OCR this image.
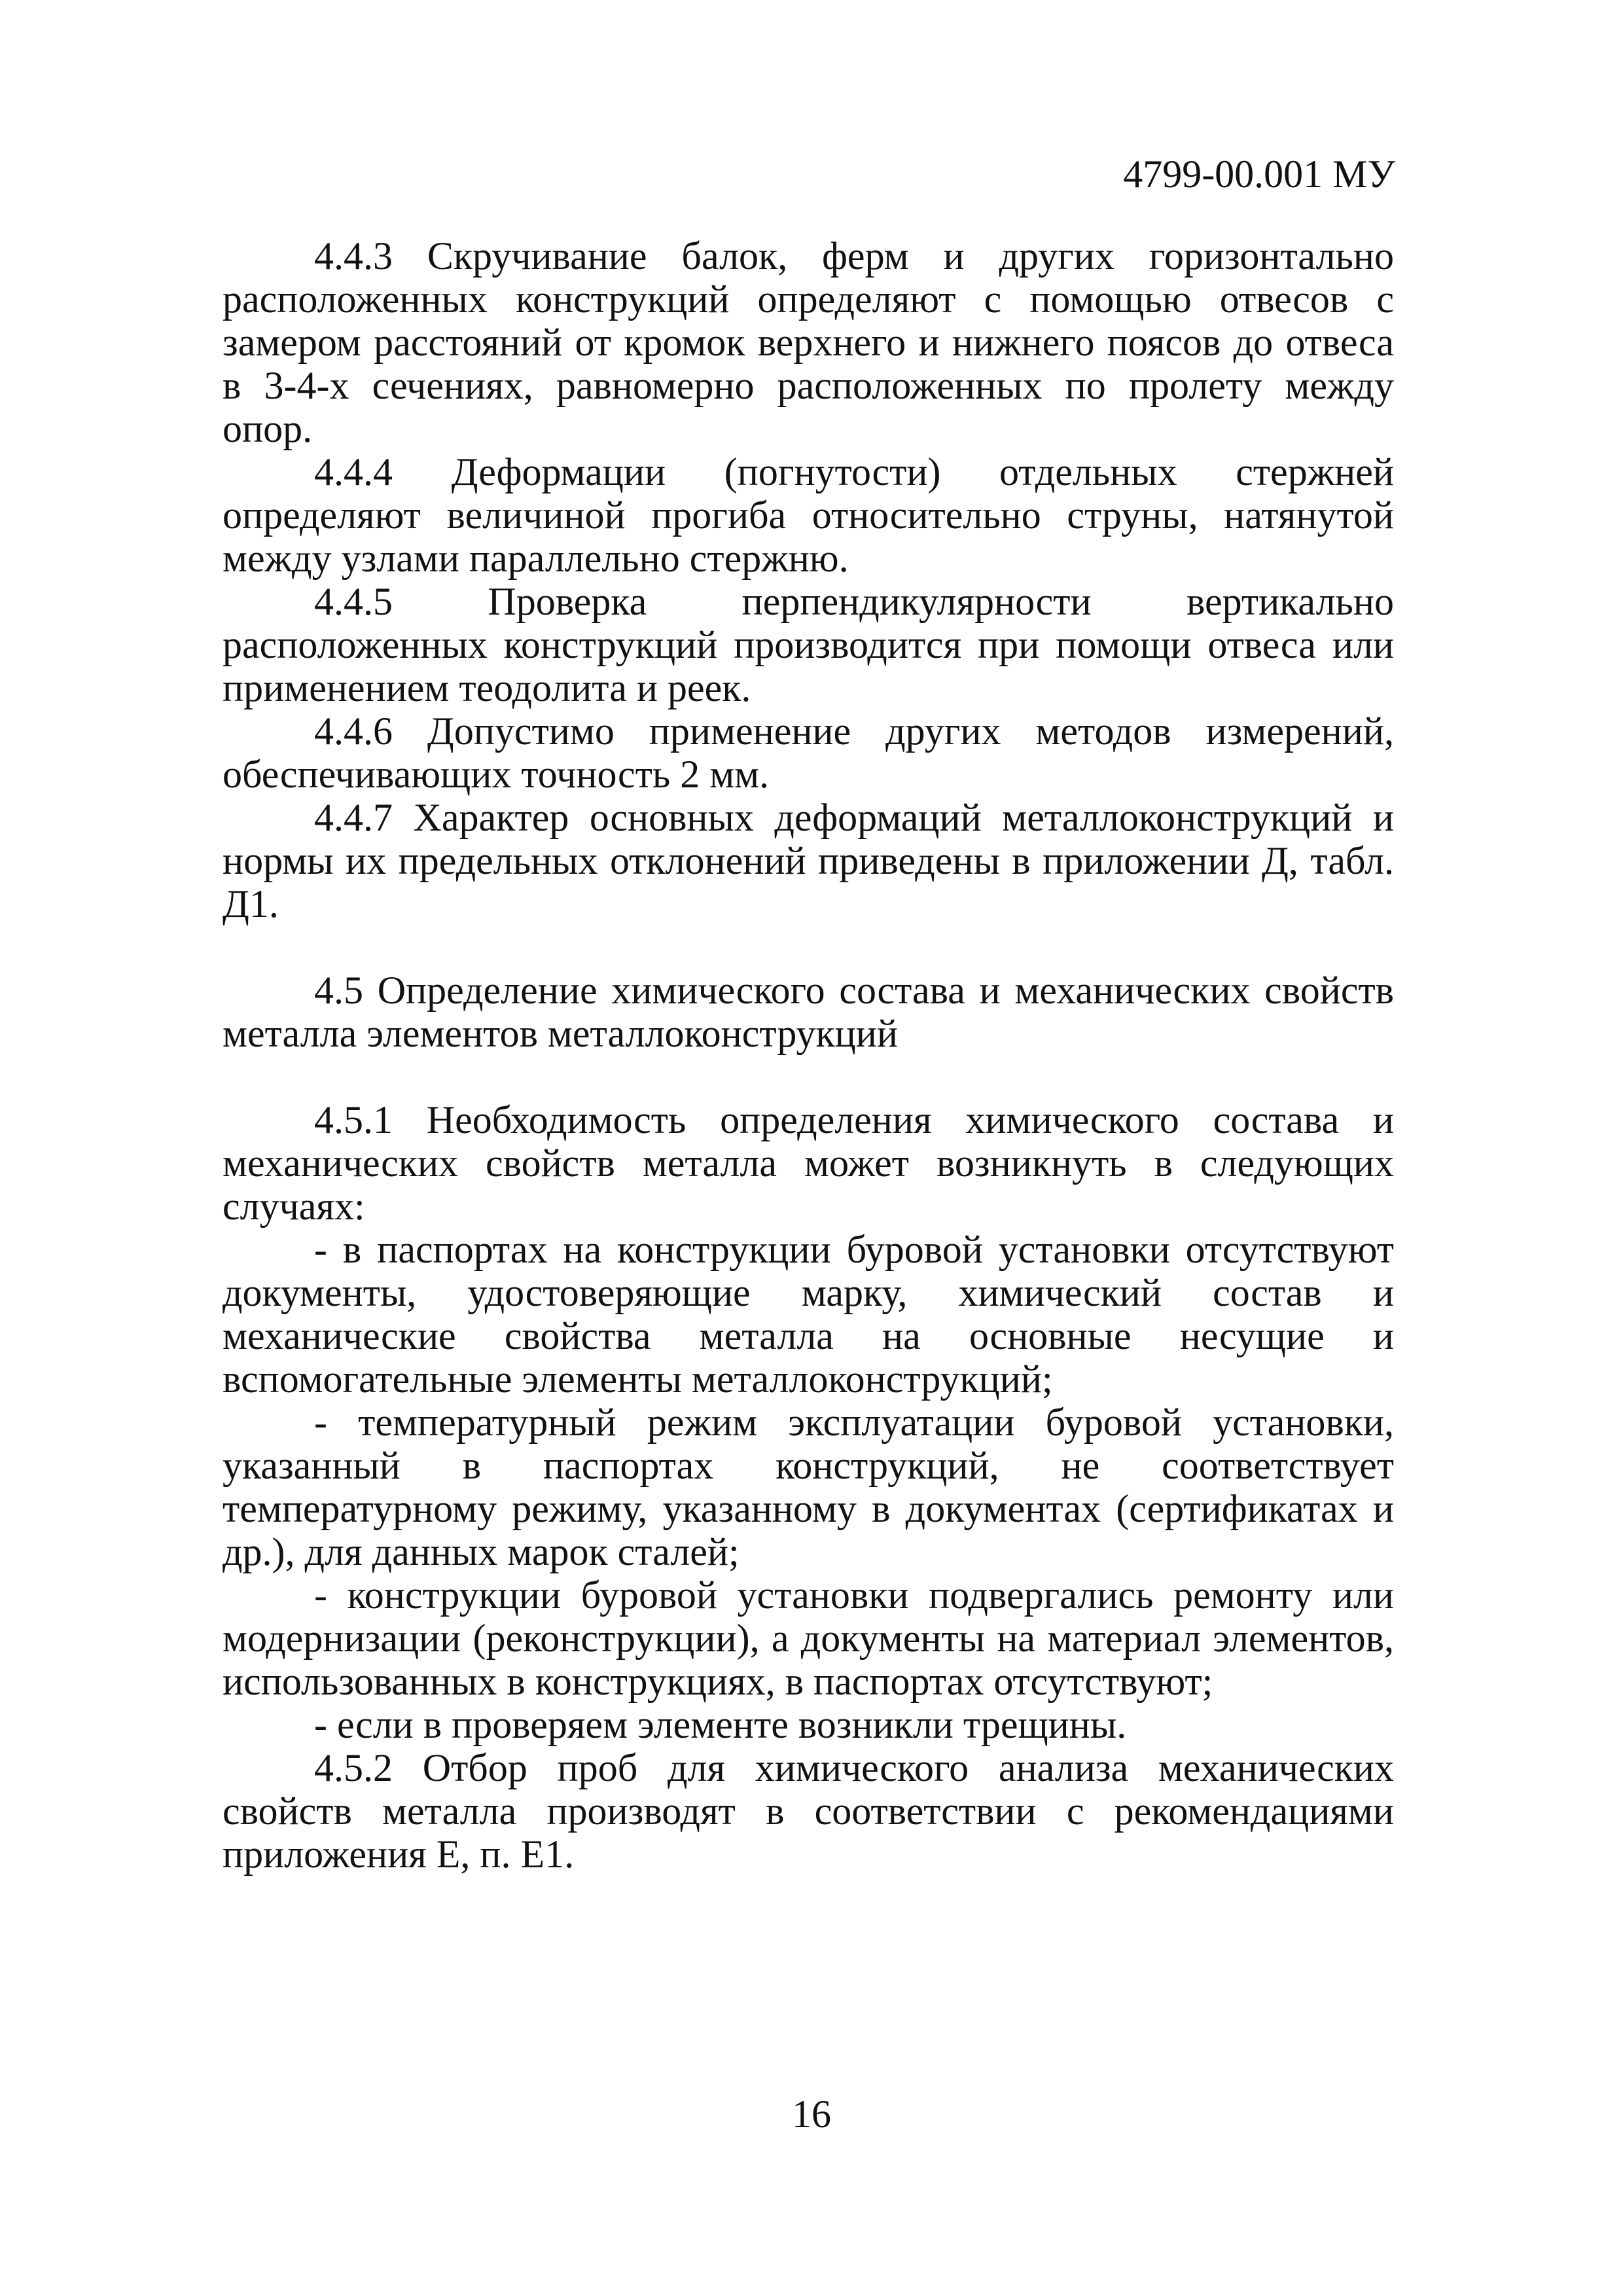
4799-00.001 МУ

4.4.3 Скручивание балок, ферм и других горизонтально расположенных конструкций определяют с помощью отвесов с замером расстояний от кромок верхнего и нижнего поясов до отвеса в 3-4-х сечениях, равномерно расположенных по пролету между опор.

4.4.4 Деформации (погнутости) отдельных стержней определяют величиной прогиба относительно струны, натянутой между узлами параллельно стержню.

4.4.5 Проверка перпендикулярности вертикально расположенных конструкций производится при помощи отвеса или применением теодолита и реек.

4.4.6 Допустимо применение других методов измерений, обеспечивающих точность 2 мм.

4.4.7 Характер основных деформаций металлоконструкций и нормы их предельных отклонений приведены в приложении Д, табл. Д1.

4.5 Определение химического состава и механических свойств металла элементов металлоконструкций

4.5.1 Необходимость определения химического состава и механических свойств металла может возникнуть в следующих случаях:

- в паспортах на конструкции буровой установки отсутствуют документы, удостоверяющие марку, химический состав и механические свойства металла на основные несущие и вспомогательные элементы металлоконструкций;

- температурный режим эксплуатации буровой установки, указанный в паспортах конструкций, не соответствует температурному режиму, указанному в документах (сертификатах и др.), для данных марок сталей;

- конструкции буровой установки подвергались ремонту или модернизации (реконструкции), а документы на материал элементов, использованных в конструкциях, в паспортах отсутствуют;

- если в проверяем элементе возникли трещины.

4.5.2 Отбор проб для химического анализа механических свойств металла производят в соответствии с рекомендациями приложения Е, п. Е1.

16
